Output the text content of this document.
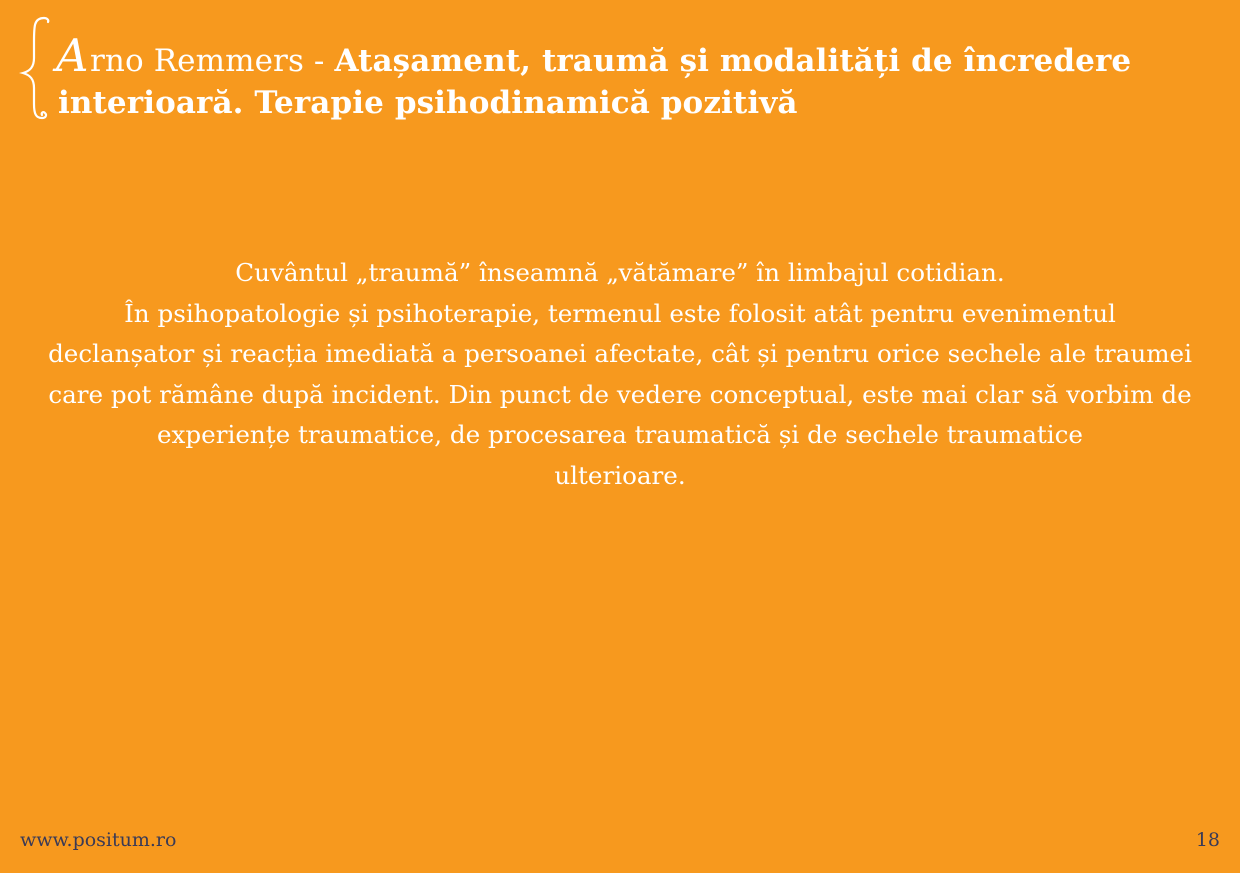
A rno Remmers - Atașament, traumă și modalități de încredere interioară. Terapie psihodinamică pozitivă
Cuvântul „traumă” înseamnă „vătămare” în limbajul cotidian.
În psihopatologie și psihoterapie, termenul este folosit atât pentru evenimentul
declanșator și reacția imediată a persoanei afectate, cât și pentru orice sechele ale traumei
care pot rămâne după incident. Din punct de vedere conceptual, este mai clar să vorbim de
experiențe traumatice, de procesarea traumatică și de sechele traumatice
ulterioare.
www.positum.ro	18
